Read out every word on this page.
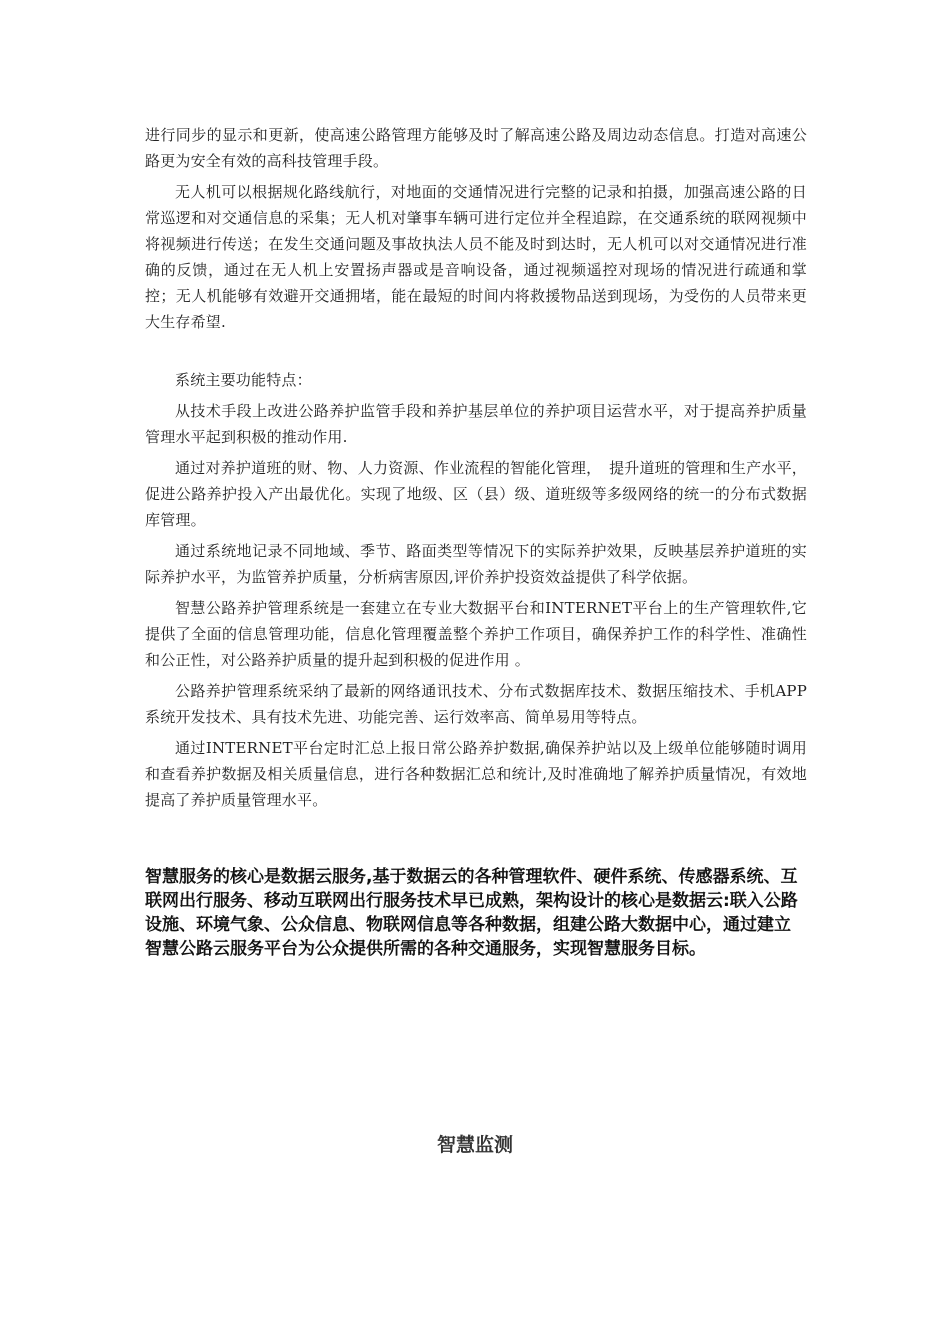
进行同步的显示和更新，使高速公路管理方能够及时了解高速公路及周边动态信息。打造对高速公路更为安全有效的高科技管理手段。

无人机可以根据规化路线航行，对地面的交通情况进行完整的记录和拍摄，加强高速公路的日常巡逻和对交通信息的采集；无人机对肇事车辆可进行定位并全程追踪，在交通系统的联网视频中将视频进行传送；在发生交通问题及事故执法人员不能及时到达时，无人机可以对交通情况进行准确的反馈，通过在无人机上安置扬声器或是音响设备，通过视频遥控对现场的情况进行疏通和掌控；无人机能够有效避开交通拥堵，能在最短的时间内将救援物品送到现场，为受伤的人员带来更大生存希望.

系统主要功能特点：

从技术手段上改进公路养护监管手段和养护基层单位的养护项目运营水平，对于提高养护质量管理水平起到积极的推动作用.

通过对养护道班的财、物、人力资源、作业流程的智能化管理，　提升道班的管理和生产水平，促进公路养护投入产出最优化。实现了地级、区（县）级、道班级等多级网络的统一的分布式数据库管理。

通过系统地记录不同地域、季节、路面类型等情况下的实际养护效果，反映基层养护道班的实际养护水平，为监管养护质量，分析病害原因,评价养护投资效益提供了科学依据。

智慧公路养护管理系统是一套建立在专业大数据平台和INTERNET平台上的生产管理软件,它提供了全面的信息管理功能，信息化管理覆盖整个养护工作项目，确保养护工作的科学性、准确性和公正性，对公路养护质量的提升起到积极的促进作用 。

公路养护管理系统采纳了最新的网络通讯技术、分布式数据库技术、数据压缩技术、手机APP系统开发技术、具有技术先进、功能完善、运行效率高、简单易用等特点。

通过INTERNET平台定时汇总上报日常公路养护数据,确保养护站以及上级单位能够随时调用和查看养护数据及相关质量信息，进行各种数据汇总和统计,及时准确地了解养护质量情况，有效地提高了养护质量管理水平。

智慧服务的核心是数据云服务,基于数据云的各种管理软件、硬件系统、传感器系统、互联网出行服务、移动互联网出行服务技术早已成熟，架构设计的核心是数据云:联入公路设施、环境气象、公众信息、物联网信息等各种数据，组建公路大数据中心，通过建立智慧公路云服务平台为公众提供所需的各种交通服务，实现智慧服务目标。

智慧监测
